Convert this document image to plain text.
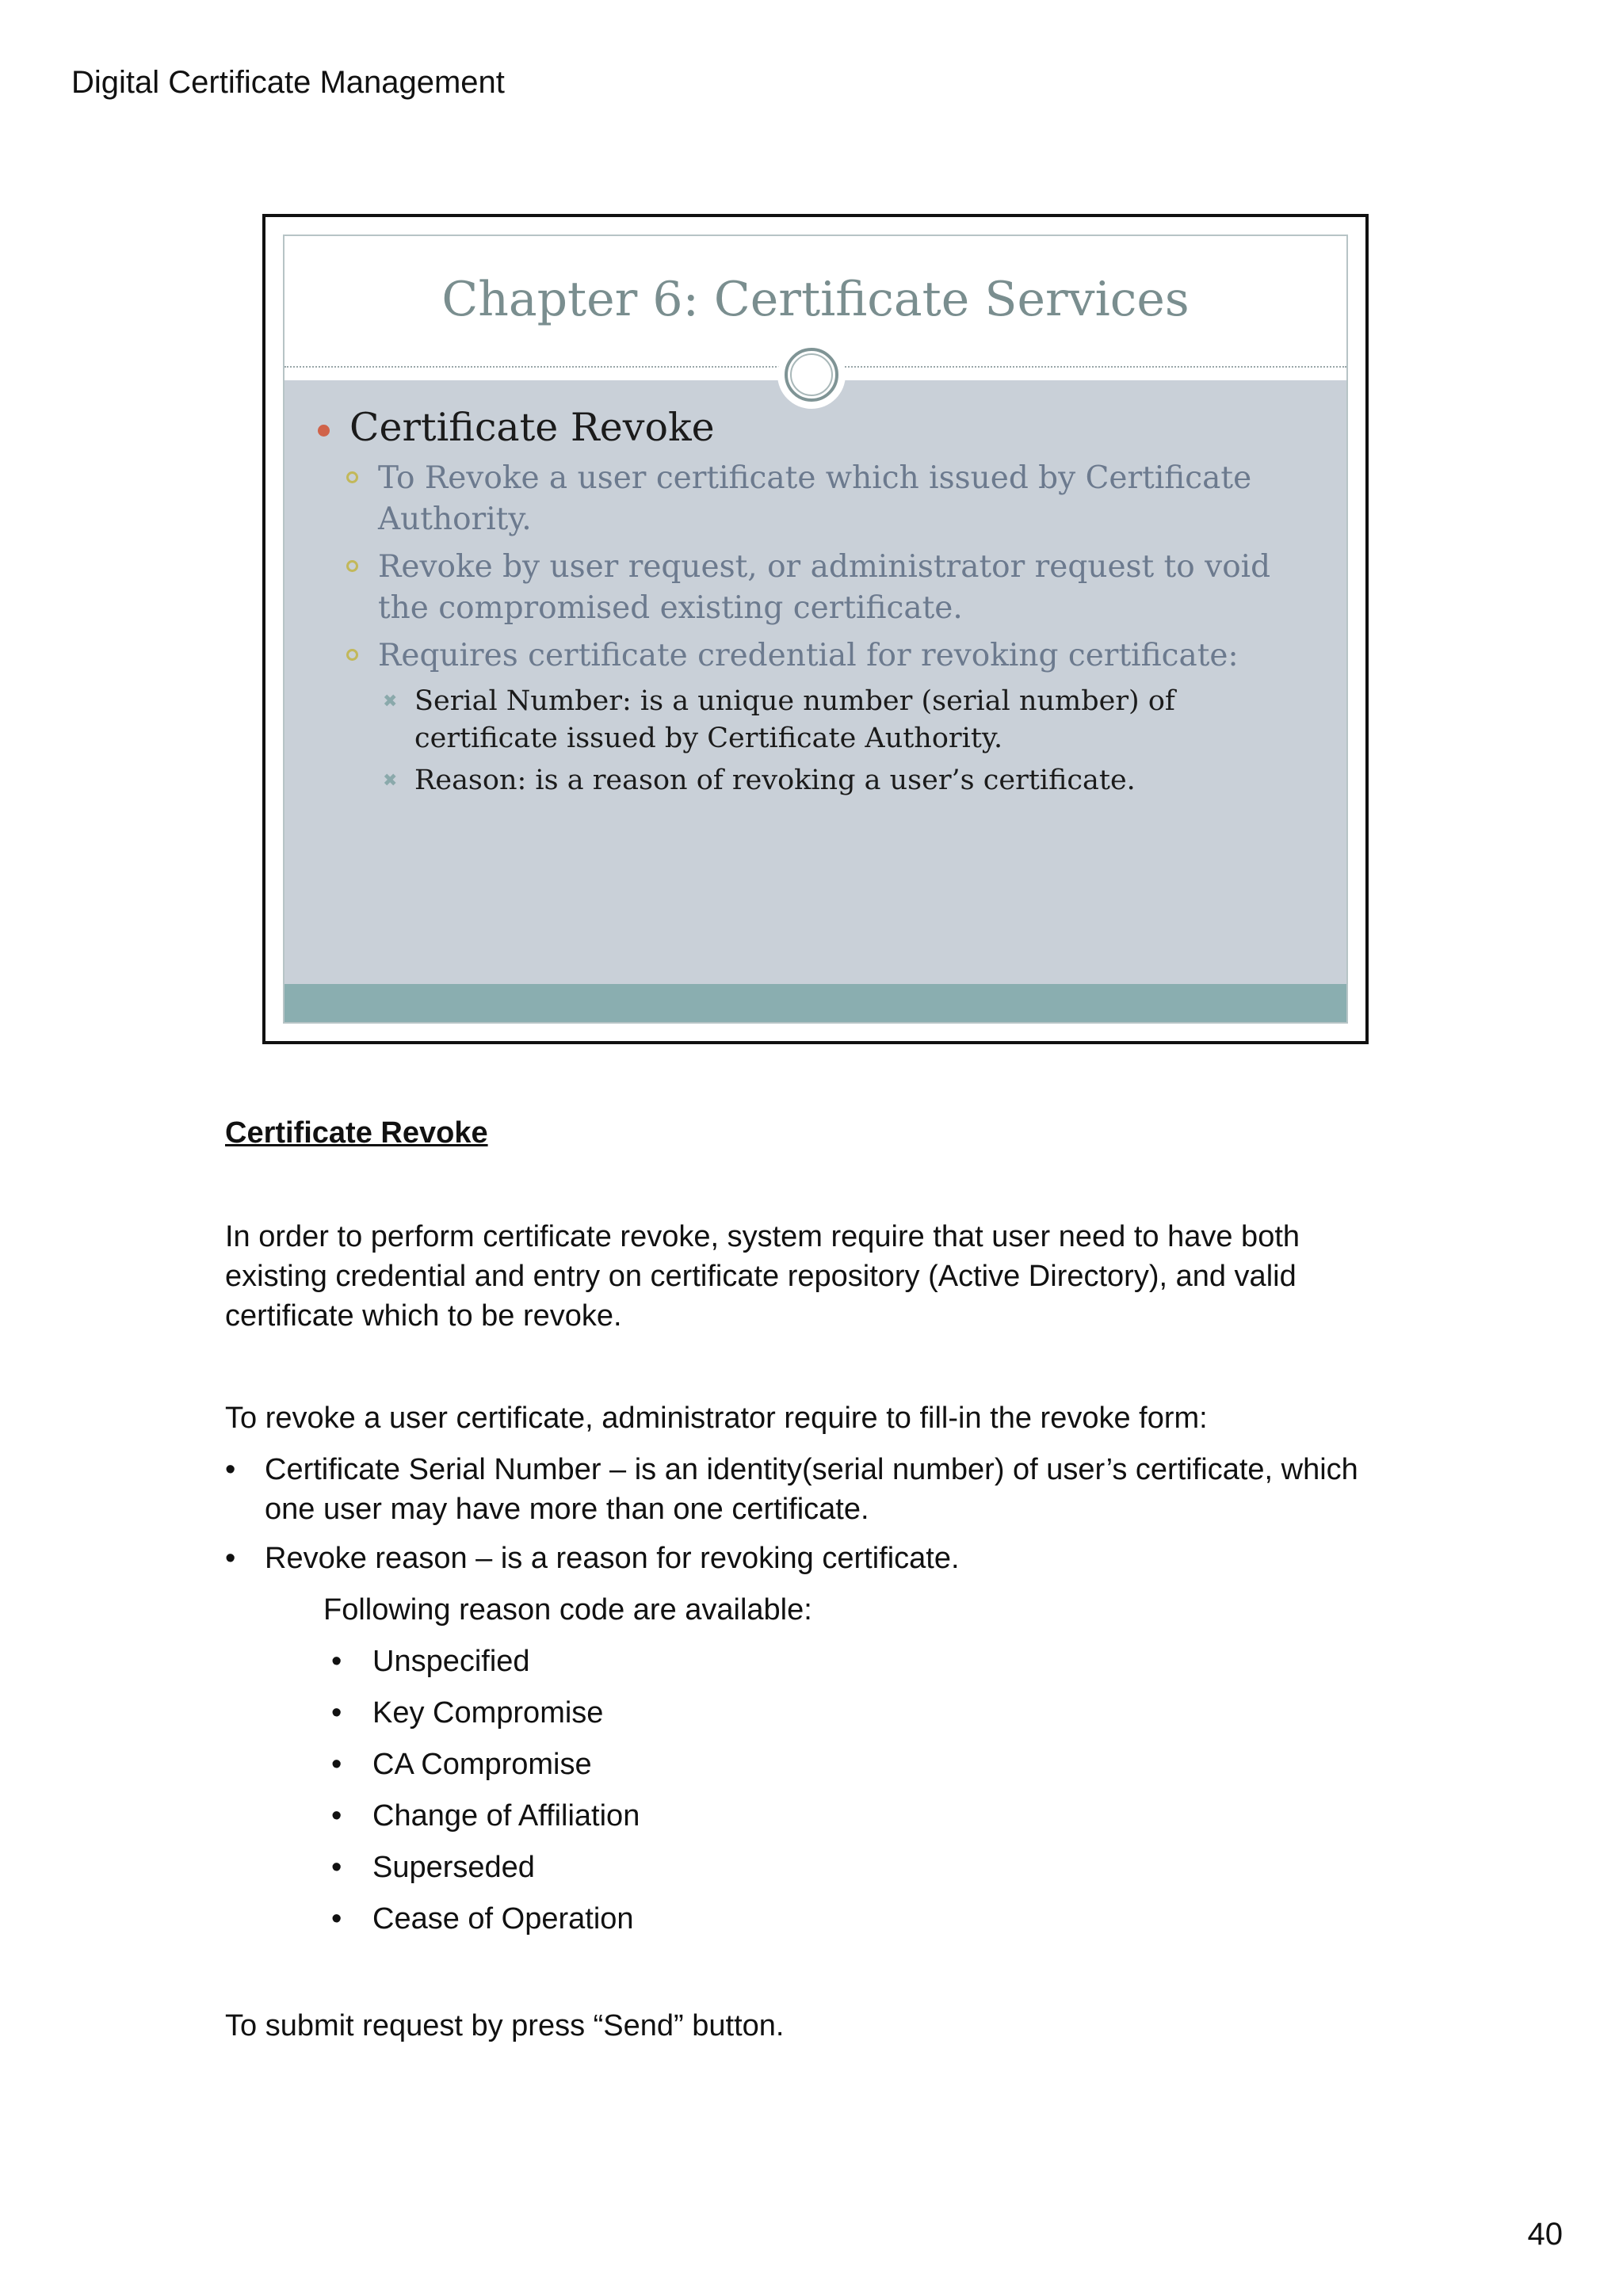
Digital Certificate Management
Chapter 6: Certificate Services
Certificate Revoke
To Revoke a user certificate which issued by Certificate Authority.
Revoke by user request, or administrator request to void the compromised existing certificate.
Requires certificate credential for revoking certificate:
✖ Serial Number: is a unique number (serial number) of certificate issued by Certificate Authority.
✖ Reason: is a reason of revoking a user’s certificate.
Certificate Revoke
In order to perform certificate revoke, system require that user need to have both existing credential and entry on certificate repository (Active Directory), and valid certificate which to be revoke.
To revoke a user certificate, administrator require to fill-in the revoke form:
• Certificate Serial Number – is an identity(serial number) of user’s certificate, which one user may have more than one certificate.
• Revoke reason – is a reason for revoking certificate.
Following reason code are available:
• Unspecified
• Key Compromise
• CA Compromise
• Change of Affiliation
• Superseded
• Cease of Operation
To submit request by press “Send” button.
40
